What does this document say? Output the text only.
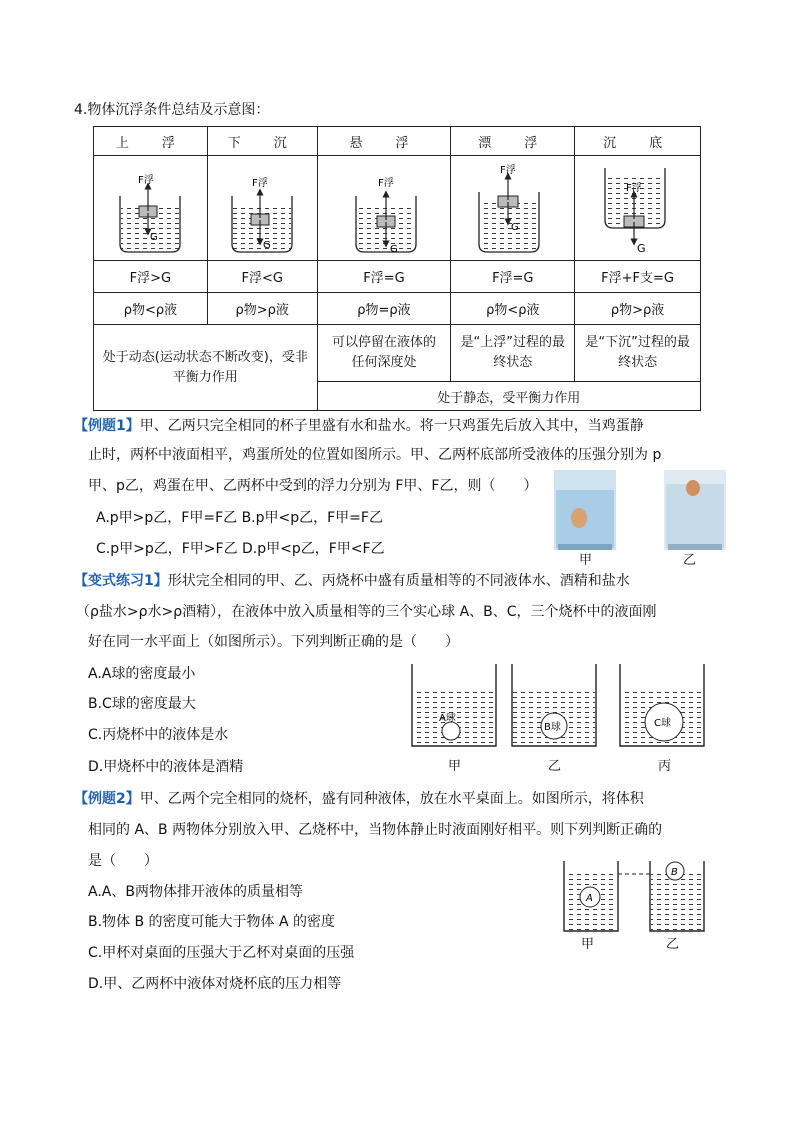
4.物体沉浮条件总结及示意图：
上　浮	下　沉	悬　浮	漂　浮	沉　底

F浮
G	F浮
G	F浮
G	F浮
G	F浮
G

F浮>G	F浮<G	F浮=G	F浮=G	F浮+F支=G
ρ物<ρ液	ρ物>ρ液	ρ物=ρ液	ρ物<ρ液	ρ物>ρ液
处于动态(运动状态不断改变)，受非平衡力作用		可以停留在液体的任何深度处	是“上浮”过程的最终状态	是“下沉”过程的最终状态
		处于静态，受平衡力作用		
【例题1】甲、乙两只完全相同的杯子里盛有水和盐水。将一只鸡蛋先后放入其中，当鸡蛋静
止时，两杯中液面相平，鸡蛋所处的位置如图所示。甲、乙两杯底部所受液体的压强分别为 p
甲、p乙，鸡蛋在甲、乙两杯中受到的浮力分别为 F甲、F乙，则（　　）
A.p甲>p乙，F甲=F乙 B.p甲<p乙，F甲=F乙
C.p甲>p乙，F甲>F乙 D.p甲<p乙，F甲<F乙
甲	乙
【变式练习1】形状完全相同的甲、乙、丙烧杯中盛有质量相等的不同液体水、酒精和盐水
（ρ盐水>ρ水>ρ酒精），在液体中放入质量相等的三个实心球 A、B、C，三个烧杯中的液面刚
好在同一水平面上（如图所示）。下列判断正确的是（　　）
A.A球的密度最小
B.C球的密度最大
C.丙烧杯中的液体是水
D.甲烧杯中的液体是酒精
A球
B球	C球
甲	乙	丙
【例题2】甲、乙两个完全相同的烧杯，盛有同种液体，放在水平桌面上。如图所示，将体积
相同的 A、B 两物体分别放入甲、乙烧杯中，当物体静止时液面刚好相平。则下列判断正确的
是（　　）
A.A、B两物体排开液体的质量相等
B.物体 B 的密度可能大于物体 A 的密度
C.甲杯对桌面的压强大于乙杯对桌面的压强
D.甲、乙两杯中液体对烧杯底的压力相等
A
B
甲	乙
